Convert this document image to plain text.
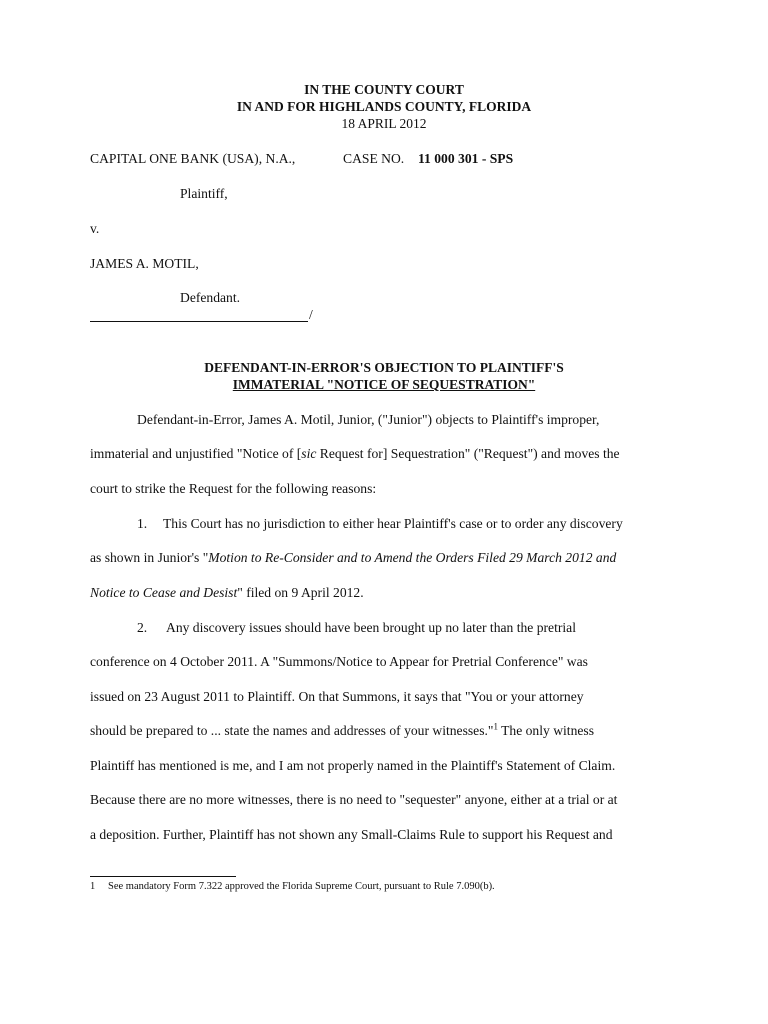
IN THE COUNTY COURT
IN AND FOR HIGHLANDS COUNTY, FLORIDA
18 APRIL 2012
CAPITAL ONE BANK (USA), N.A.,	CASE NO. 11 000 301 - SPS
Plaintiff,
v.
JAMES A. MOTIL,
Defendant.
/
DEFENDANT-IN-ERROR'S OBJECTION TO PLAINTIFF'S
IMMATERIAL "NOTICE OF SEQUESTRATION"
Defendant-in-Error, James A. Motil, Junior, ("Junior") objects to Plaintiff's improper,
immaterial and unjustified "Notice of [sic Request for] Sequestration" ("Request") and moves the
court to strike the Request for the following reasons:
1. This Court has no jurisdiction to either hear Plaintiff's case or to order any discovery
as shown in Junior's "Motion to Re-Consider and to Amend the Orders Filed 29 March 2012 and
Notice to Cease and Desist" filed on 9 April 2012.
2. Any discovery issues should have been brought up no later than the pretrial
conference on 4 October 2011. A "Summons/Notice to Appear for Pretrial Conference" was
issued on 23 August 2011 to Plaintiff. On that Summons, it says that "You or your attorney
should be prepared to ... state the names and addresses of your witnesses."$^1$ The only witness
Plaintiff has mentioned is me, and I am not properly named in the Plaintiff's Statement of Claim.
Because there are no more witnesses, there is no need to "sequester" anyone, either at a trial or at
a deposition. Further, Plaintiff has not shown any Small-Claims Rule to support his Request and
1 See mandatory Form 7.322 approved the Florida Supreme Court, pursuant to Rule 7.090(b).
